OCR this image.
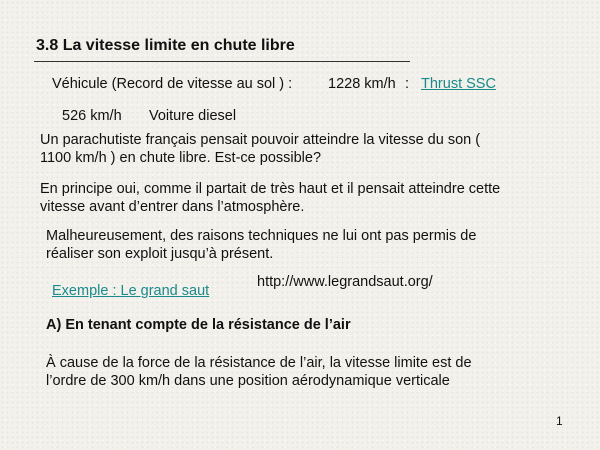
3.8 La vitesse limite en chute libre
Véhicule (Record de vitesse au sol ) : 1228 km/h : Thrust SSC
526 km/h Voiture diesel
Un parachutiste français pensait pouvoir atteindre la vitesse du son ( 1100 km/h ) en chute libre. Est-ce possible?
En principe oui, comme il partait de très haut et il pensait atteindre cette vitesse avant d’entrer dans l’atmosphère.
Malheureusement, des raisons techniques ne lui ont pas permis de réaliser son exploit jusqu’à présent.
http://www.legrandsaut.org/
Exemple : Le grand saut
A) En tenant compte de la résistance de l’air
À cause de la force de la résistance de l’air, la vitesse limite est de l’ordre de 300 km/h dans une position aérodynamique verticale
1
